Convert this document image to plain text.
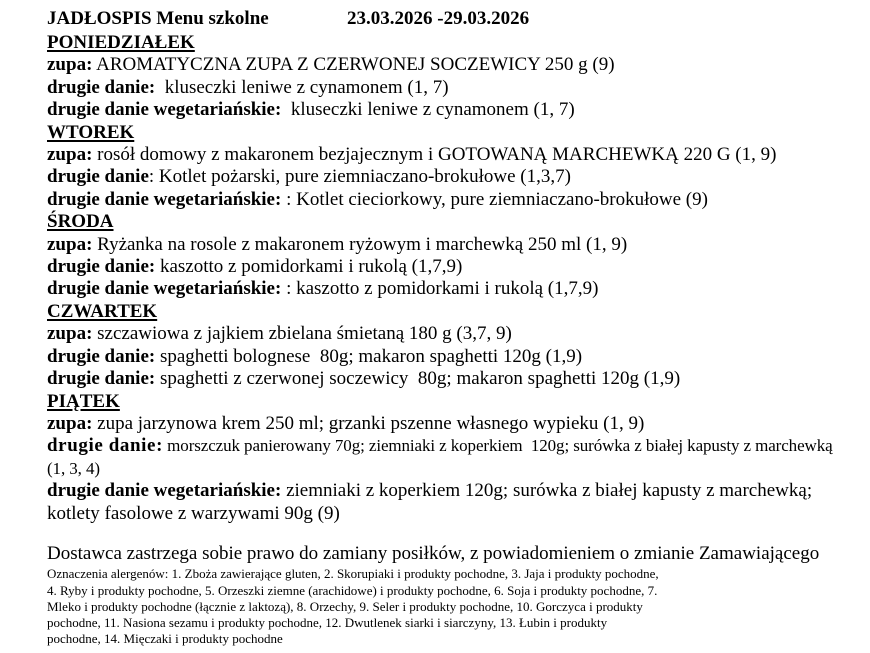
JADŁOSPIS Menu szkolne	23.03.2026 -29.03.2026
PONIEDZIAŁEK
zupa: AROMATYCZNA ZUPA Z CZERWONEJ SOCZEWICY 250 g (9)
drugie danie:  kluseczki leniwe z cynamonem (1, 7)
drugie danie wegetariańskie:  kluseczki leniwe z cynamonem (1, 7)
WTOREK
zupa: rosół domowy z makaronem bezjajecznym i GOTOWANĄ MARCHEWKĄ 220 G (1, 9)
drugie danie: Kotlet pożarski, pure ziemniaczano-brokułowe (1,3,7)
drugie danie wegetariańskie: : Kotlet cieciorkowy, pure ziemniaczano-brokułowe (9)
ŚRODA
zupa: Ryżanka na rosole z makaronem ryżowym i marchewką 250 ml (1, 9)
drugie danie: kaszotto z pomidorkami i rukolą (1,7,9)
drugie danie wegetariańskie: : kaszotto z pomidorkami i rukolą (1,7,9)
CZWARTEK
zupa: szczawiowa z jajkiem zbielana śmietaną 180 g (3,7, 9)
drugie danie: spaghetti bolognese  80g; makaron spaghetti 120g (1,9)
drugie danie: spaghetti z czerwonej soczewicy  80g; makaron spaghetti 120g (1,9)
PIĄTEK
zupa: zupa jarzynowa krem 250 ml; grzanki pszenne własnego wypieku (1, 9)
drugie danie: morszczuk panierowany 70g; ziemniaki z koperkiem  120g; surówka z białej kapusty z marchewką (1, 3, 4)
drugie danie wegetariańskie: ziemniaki z koperkiem 120g; surówka z białej kapusty z marchewką; kotlety fasolowe z warzywami 90g (9)
Dostawca zastrzega sobie prawo do zamiany posiłków, z powiadomieniem o zmianie Zamawiającego
Oznaczenia alergenów: 1. Zboża zawierające gluten, 2. Skorupiaki i produkty pochodne, 3. Jaja i produkty pochodne,
4. Ryby i produkty pochodne, 5. Orzeszki ziemne (arachidowe) i produkty pochodne, 6. Soja i produkty pochodne, 7.
Mleko i produkty pochodne (łącznie z laktozą), 8. Orzechy, 9. Seler i produkty pochodne, 10. Gorczyca i produkty
pochodne, 11. Nasiona sezamu i produkty pochodne, 12. Dwutlenek siarki i siarczyny, 13. Łubin i produkty
pochodne, 14. Mięczaki i produkty pochodne
